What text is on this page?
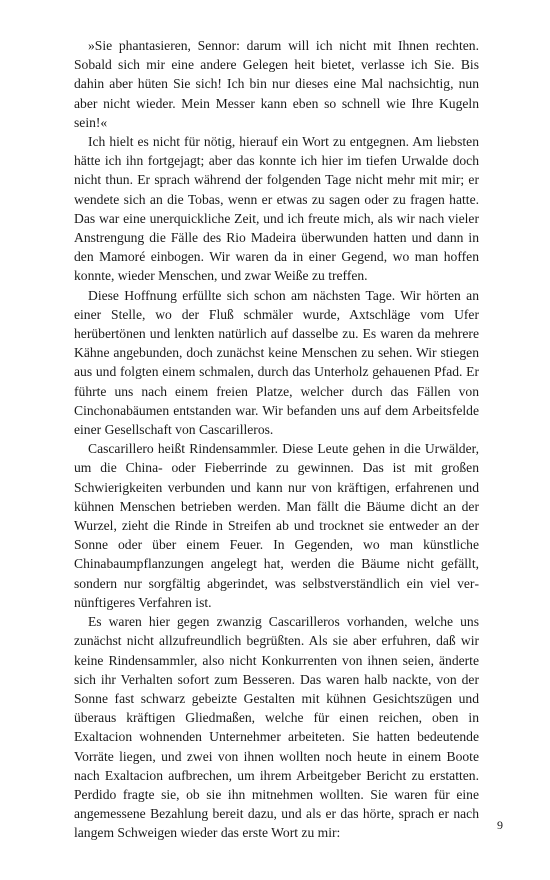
»Sie phantasieren, Sennor: darum will ich nicht mit Ihnen rechten. Sobald sich mir eine andere Gelegen heit bietet, verlasse ich Sie. Bis dahin aber hüten Sie sich! Ich bin nur dieses eine Mal nachsichtig, nun aber nicht wieder. Mein Messer kann eben so schnell wie Ihre Kugeln sein!«

Ich hielt es nicht für nötig, hierauf ein Wort zu entgegnen. Am liebsten hätte ich ihn fortgejagt; aber das konnte ich hier im tiefen Urwalde doch nicht thun. Er sprach während der folgenden Tage nicht mehr mit mir; er wendete sich an die Tobas, wenn er etwas zu sagen oder zu fragen hatte. Das war eine unerquickliche Zeit, und ich freute mich, als wir nach vieler Anstrengung die Fälle des Rio Madeira überwunden hatten und dann in den Mamoré einbogen. Wir waren da in einer Gegend, wo man hoffen konnte, wieder Menschen, und zwar Weiße zu treffen.

Diese Hoffnung erfüllte sich schon am nächsten Tage. Wir hörten an einer Stelle, wo der Fluß schmäler wurde, Axtschläge vom Ufer herübertönen und lenkten natürlich auf dasselbe zu. Es waren da mehrere Kähne angebunden, doch zunächst keine Menschen zu sehen. Wir stiegen aus und folgten einem schmalen, durch das Unterholz gehauenen Pfad. Er führte uns nach einem freien Platze, welcher durch das Fällen von Cinchonabäumen entstanden war. Wir befanden uns auf dem Arbeitsfelde einer Gesellschaft von Cascarilleros.

Cascarillero heißt Rindensammler. Diese Leute gehen in die Urwälder, um die China- oder Fieberrinde zu gewinnen. Das ist mit großen Schwierigkeiten verbunden und kann nur von kräftigen, erfahrenen und kühnen Menschen betrieben werden. Man fällt die Bäume dicht an der Wurzel, zieht die Rinde in Streifen ab und trocknet sie entweder an der Sonne oder über einem Feuer. In Gegenden, wo man künstliche Chinabaumpflanzungen angelegt hat, werden die Bäume nicht gefällt, sondern nur sorgfältig abgerindet, was selbstverständlich ein viel vernünftigeres Verfahren ist.

Es waren hier gegen zwanzig Cascarilleros vorhanden, welche uns zunächst nicht allzufreundlich begrüßten. Als sie aber erfuhren, daß wir keine Rindensammler, also nicht Konkurrenten von ihnen seien, änderte sich ihr Verhalten sofort zum Besseren. Das waren halb nackte, von der Sonne fast schwarz gebeizte Gestalten mit kühnen Gesichtszügen und überaus kräftigen Gliedmaßen, welche für einen reichen, oben in Exaltacion wohnenden Unternehmer arbeiteten. Sie hatten bedeutende Vorräte liegen, und zwei von ihnen wollten noch heute in einem Boote nach Exaltacion aufbrechen, um ihrem Arbeitgeber Bericht zu erstatten. Perdido fragte sie, ob sie ihn mitnehmen wollten. Sie waren für eine angemessene Bezahlung bereit dazu, und als er das hörte, sprach er nach langem Schweigen wieder das erste Wort zu mir:

9
